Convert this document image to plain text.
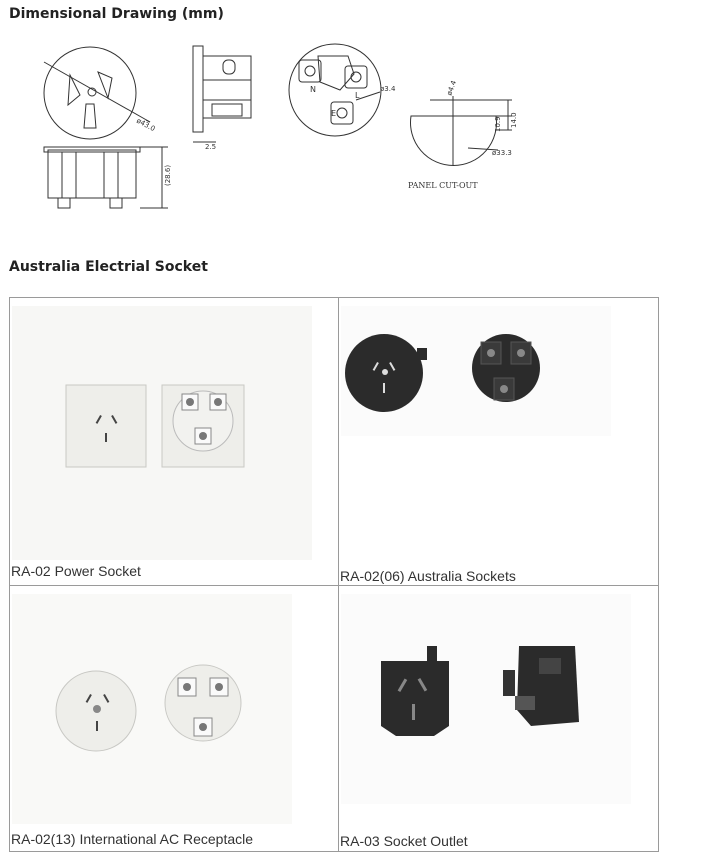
Dimensional Drawing (mm)
ø43.0
(28.6)
2.5
N
L
E
ø3.4	ø4.4
10.9 14.0
ø33.3
PANEL CUT-OUT
Australia Electrial Socket
RA-02 Power Socket	RA-02(06) Australia Sockets

RA-02(13) International AC Receptacle	RA-03 Socket Outlet
